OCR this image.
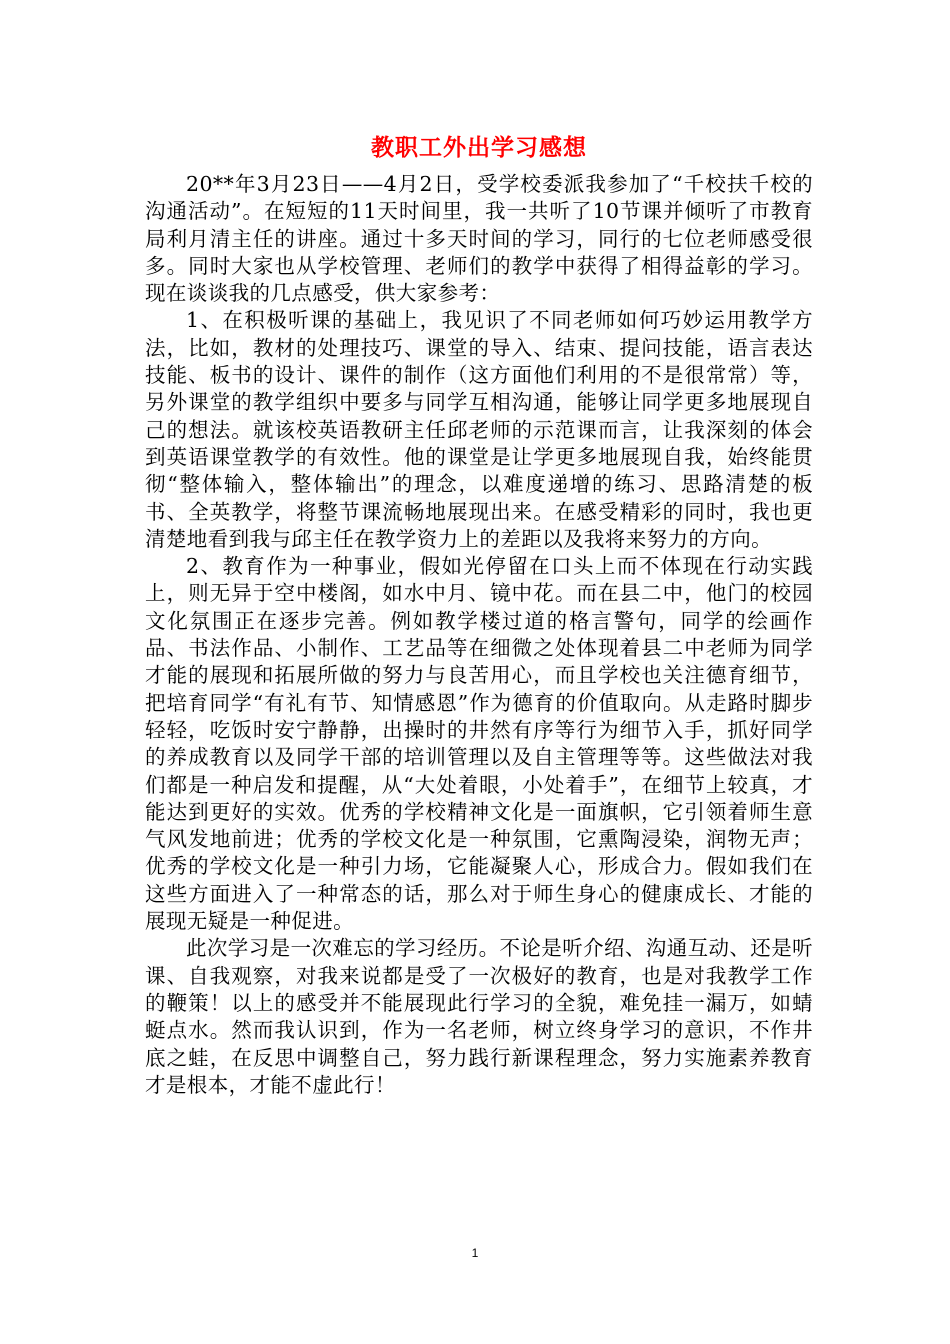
教职工外出学习感想

20**年3月23日——4月2日，受学校委派我参加了“千校扶千校的沟通活动”。在短短的11天时间里，我一共听了10节课并倾听了市教育局利月清主任的讲座。通过十多天时间的学习，同行的七位老师感受很多。同时大家也从学校管理、老师们的教学中获得了相得益彰的学习。现在谈谈我的几点感受，供大家参考：

1、在积极听课的基础上，我见识了不同老师如何巧妙运用教学方法，比如，教材的处理技巧、课堂的导入、结束、提问技能，语言表达技能、板书的设计、课件的制作（这方面他们利用的不是很常常）等，另外课堂的教学组织中要多与同学互相沟通，能够让同学更多地展现自己的想法。就该校英语教研主任邱老师的示范课而言，让我深刻的体会到英语课堂教学的有效性。他的课堂是让学更多地展现自我，始终能贯彻“整体输入，整体输出”的理念，以难度递增的练习、思路清楚的板书、全英教学，将整节课流畅地展现出来。在感受精彩的同时，我也更清楚地看到我与邱主任在教学资力上的差距以及我将来努力的方向。

2、教育作为一种事业，假如光停留在口头上而不体现在行动实践上，则无异于空中楼阁，如水中月、镜中花。而在县二中，他门的校园文化氛围正在逐步完善。例如教学楼过道的格言警句，同学的绘画作品、书法作品、小制作、工艺品等在细微之处体现着县二中老师为同学才能的展现和拓展所做的努力与良苦用心，而且学校也关注德育细节，把培育同学“有礼有节、知情感恩”作为德育的价值取向。从走路时脚步轻轻，吃饭时安宁静静，出操时的井然有序等行为细节入手，抓好同学的养成教育以及同学干部的培训管理以及自主管理等等。这些做法对我们都是一种启发和提醒，从“大处着眼，小处着手”，在细节上较真，才能达到更好的实效。优秀的学校精神文化是一面旗帜，它引领着师生意气风发地前进；优秀的学校文化是一种氛围，它熏陶浸染，润物无声；优秀的学校文化是一种引力场，它能凝聚人心，形成合力。假如我们在这些方面进入了一种常态的话，那么对于师生身心的健康成长、才能的展现无疑是一种促进。

此次学习是一次难忘的学习经历。不论是听介绍、沟通互动、还是听课、自我观察，对我来说都是受了一次极好的教育，也是对我教学工作的鞭策！以上的感受并不能展现此行学习的全貌，难免挂一漏万，如蜻蜓点水。然而我认识到，作为一名老师，树立终身学习的意识，不作井底之蛙，在反思中调整自己，努力践行新课程理念，努力实施素养教育才是根本，才能不虚此行！

1
